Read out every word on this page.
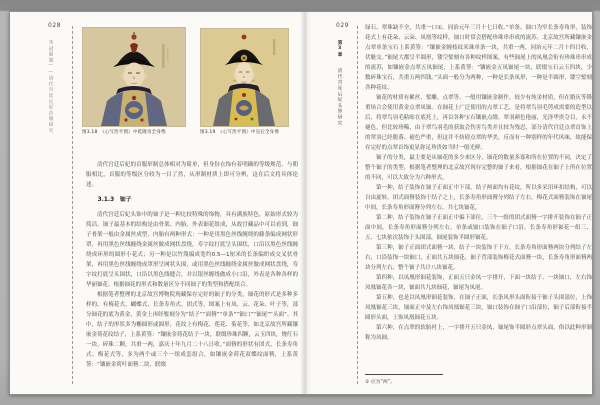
028
华冠丽服——清代宫廷后妃首服研究	图3.18　《心写治平图》中乾隆帝全身像	图3.19　《心写治平图》中皇后全身像

清代宫廷后妃的首服形制总体相对为简单，但身份衣饰有着明确的等级规范。与朝服相比，首服的等级区分较为一目了然，从形制材质上即可分辨，这在后文将具体论述。

3.1.3　钿子

清代宫廷后妃头饰中的钿子是一种比较特殊的饰物，具有满族特色，原始形式较为简洁。钿子最基本的结构是由骨架、内胎、外表钿花组成，从故宫藏品中可以看到，钿子骨架一般由金属丝成型，内胎有两种形式：一种是用黑色丝线缠绕的藤条编成网状形罩，再用黑色丝线缠绕金属丝做成网状盘绕，寿字纹打底呈头围状，口沿以黑色丝线缠绕成环形的圆形小花式；另一种是以竹篾编成宽约0.5—1厘米的长条编织成交叉状骨架，再用黑色丝线缠绕成罩形呈网状头围，或用黑色丝线缠绕金属丝做成网状盘绕，寿字纹打底呈头围状，口沿以黑色线缝合，并以银丝缠绕做成小口沿，外表是各种各样的华丽钿花。根据钿花的形式和数量区分不同钿子的类型和搭配组合。

根据笔者整理的北京故宫博物院现藏保存完好的钿子的分类，钿花的形式是多种多样的，有梅花式、蝴蝶式、长条寿角式、团式等，图案上有凤、云、花朵、叶子等，部分钿花的底为黄金，黄金上再经錾刻分为“结子”“面簪”“单条”“钿口”“钿尾”“头面”。其中，结子的形状多为椭圆形或圆形，花纹上有梅花、莲花、菊花等，如北京故宫所藏镶嵌金荷花纹结子，上系黄签：“镶嵌金荷花结子一块，联缀珍珠四颗，云玉四块，烧红石一块，碎珠二颗，共重一两，嘉庆十年九月二十八日收。”面簪的形状有团式、长条寿角式、梅花式等，多为两个或三个一组成套组合，如镶嵌金荷花双蝶纹面簪，上系黄签：“镶嵌金荷叶面簪二块，联缀

029
第3章 清代宫廷后妃头饰研究

绿石、翠珠缺不全，共重一口①，同治元年三月十七日收。”单条、钿口为窄长条寿角形，装饰花式上有花朵、云朵、凤凰等纹样，钿口时常会搭配珍珠串串成的流苏。北京故宫所藏镶嵌金点翠单条宝石上系黄签：“镶嵌金缠枝纹米珠单条一块，共重一两，同治元年二月十四日收，伏魁交。”钿尾大都呈半圆形，镂空錾刻有各种纹样图案，有些钿尾上的凤凰会衔有珍珠串串成的流苏，如镶嵌金点翠五凤钿尾，上系黄签：“镶嵌金五凤钿尾一块，联缀宝石云玉四块，少数碎珠宝石，共重五两四钱。”头面一般分为两种，一种是长条凤形，一种是半圆形，镂空錾刻各种花纹。

钿花的材质有累丝、錾雕、点翠等，一般用镶嵌金制作，较少有纯金材质，但在婚庆等隆重场合会使用黄金点翠凤钿。在钿花上广泛使用的点翠工艺，是将翠鸟羽毛剪成需要的造型以后，将翠鸟羽毛粘贴在底托上，再以各种宝石镶嵌点缀。翠羽颜色艳丽，光泽华贵夺目，永不褪色，但比较珍稀，由于翠鸟羽毛的获取会伤害鸟类并且较为残忍，部分清代宫廷点翠首饰上的翠羽已经脱落、褪色严重，但这并不妨碍点翠的华美，反而有一种别样的年代风味，故能保存完好的点翠首饰更显弥足珍贵如当时一般光鲜。

钿子的分类，最主要是从钿花的多少来区分，钿花的数量多寡和所在位置的不同，决定了整个钿子的类型。根据笔者整理的北京故宫现存完整的钿子来看，根据钿花在钿子上所在位置的不同，可以大致分为六种形式。

第一种，结子装饰在钿子正面正中下部，结子两面均有花纹，所以多采用环扣结构，可以自由旋转。团式面簪装饰于结子之上，长条寿角形面簪分列结子左右，梅花式面簪装饰在钿尾中间，长条寿角形面簪分列左右，共七块钿花。

第二种，结子装饰在钿子正面正中偏下部位，三个一组的团式面簪一字排开装饰在钿子正面中间，长条寿角形面簪分列左右，单条或钿口装饰在钿子口沿，长条寿角形钿花一组三、五、七块依次装饰于头围部，钿尾装饰半圆形钿花。

第三种，钿子正面团式面簪一块，结子一块装饰于下方，长条寿角形面簪两块分列结子左右，口沿装饰一块钿口，正面共五块钿花。钿子背部装饰梅花式面簪一块，长条寿角形面簪两块分列左右，整个钿子共计八块钿花。

第四种，以凤凰形钿花装饰，正面五只金凤一字排开，下面一块结子、一块钿口，左右饰凤凰钿花各一块，钿面共九块钿花，钿尾为凤尾。

第五种，也是以凤凰形钿花装饰，在钿子正面，长条凤形头面衔接于钿子头围部位，上饰凤凰钿花三块，钿面正中及左右饰凤凰钿花三块，钿口装饰在钿子口沿部位，钿子后部衔接半圆形头面，上饰凤凰钿花五块。

第六种，在点翠的软胎衬上，一字排开五只金凤，钿尾饰半圆形点翠头面，俗以此种形制称为凤钿。

① 应为“两”。
